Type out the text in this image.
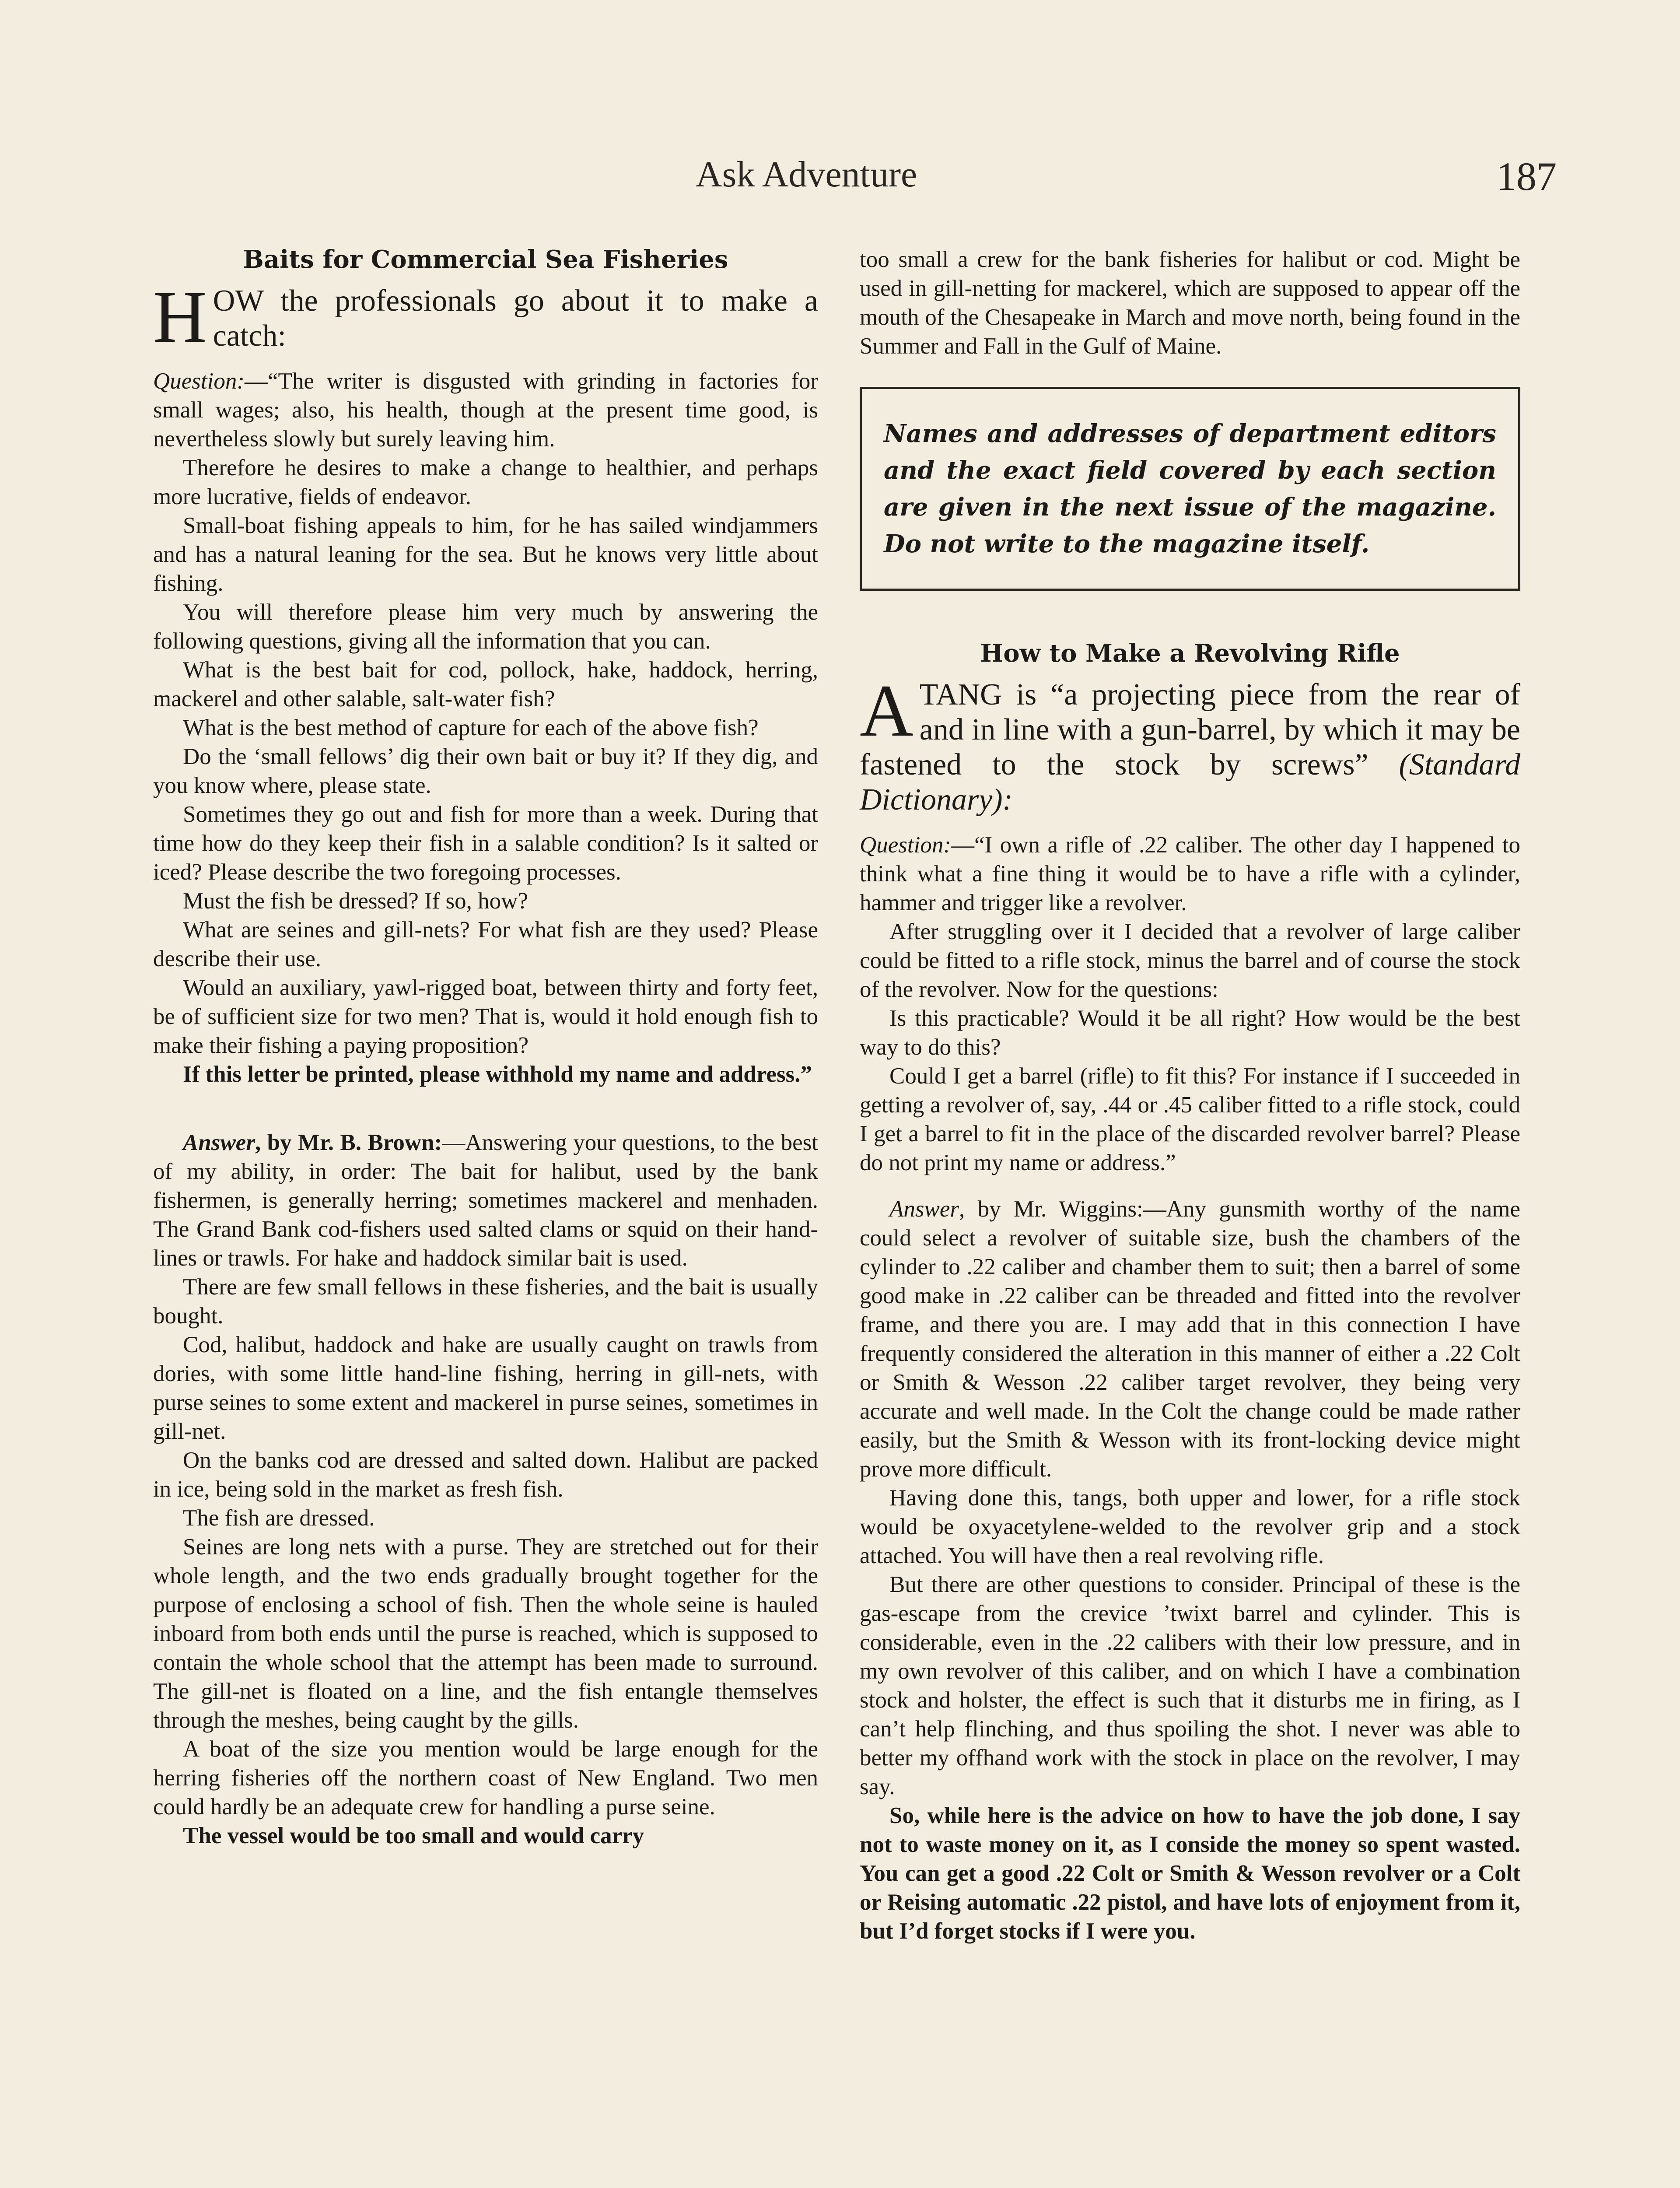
Ask Adventure	187
Baits for Commercial Sea Fisheries
HOW the professionals go about it to make a catch:

Question:—“The writer is disgusted with grinding in factories for small wages; also, his health, though at the present time good, is nevertheless slowly but surely leaving him.

Therefore he desires to make a change to healthier, and perhaps more lucrative, fields of endeavor.

Small-boat fishing appeals to him, for he has sailed windjammers and has a natural leaning for the sea. But he knows very little about fishing.

You will therefore please him very much by answering the following questions, giving all the information that you can.

What is the best bait for cod, pollock, hake, haddock, herring, mackerel and other salable, salt-water fish?

What is the best method of capture for each of the above fish?

Do the ‘small fellows’ dig their own bait or buy it? If they dig, and you know where, please state.

Sometimes they go out and fish for more than a week. During that time how do they keep their fish in a salable condition? Is it salted or iced? Please describe the two foregoing processes.

Must the fish be dressed? If so, how?

What are seines and gill-nets? For what fish are they used? Please describe their use.

Would an auxiliary, yawl-rigged boat, between thirty and forty feet, be of sufficient size for two men? That is, would it hold enough fish to make their fishing a paying proposition?

If this letter be printed, please withhold my name and address.”

Answer, by Mr. B. Brown:—Answering your questions, to the best of my ability, in order: The bait for halibut, used by the bank fishermen, is generally herring; sometimes mackerel and menhaden. The Grand Bank cod-fishers used salted clams or squid on their hand-lines or trawls. For hake and haddock similar bait is used.

There are few small fellows in these fisheries, and the bait is usually bought.

Cod, halibut, haddock and hake are usually caught on trawls from dories, with some little hand-line fishing, herring in gill-nets, with purse seines to some extent and mackerel in purse seines, sometimes in gill-net.

On the banks cod are dressed and salted down. Halibut are packed in ice, being sold in the market as fresh fish.

The fish are dressed.

Seines are long nets with a purse. They are stretched out for their whole length, and the two ends gradually brought together for the purpose of enclosing a school of fish. Then the whole seine is hauled inboard from both ends until the purse is reached, which is supposed to contain the whole school that the attempt has been made to surround. The gill-net is floated on a line, and the fish entangle themselves through the meshes, being caught by the gills.

A boat of the size you mention would be large enough for the herring fisheries off the northern coast of New England. Two men could hardly be an adequate crew for handling a purse seine.

The vessel would be too small and would carry

too small a crew for the bank fisheries for halibut or cod. Might be used in gill-netting for mackerel, which are supposed to appear off the mouth of the Chesapeake in March and move north, being found in the Summer and Fall in the Gulf of Maine.

Names and addresses of department editors and the exact field covered by each section are given in the next issue of the magazine. Do not write to the magazine itself.
How to Make a Revolving Rifle
ATANG is “a projecting piece from the rear of and in line with a gun-barrel, by which it may be fastened to the stock by screws” (Standard Dictionary):

Question:—“I own a rifle of .22 caliber. The other day I happened to think what a fine thing it would be to have a rifle with a cylinder, hammer and trigger like a revolver.

After struggling over it I decided that a revolver of large caliber could be fitted to a rifle stock, minus the barrel and of course the stock of the revolver. Now for the questions:

Is this practicable? Would it be all right? How would be the best way to do this?

Could I get a barrel (rifle) to fit this? For instance if I succeeded in getting a revolver of, say, .44 or .45 caliber fitted to a rifle stock, could I get a barrel to fit in the place of the discarded revolver barrel? Please do not print my name or address.”

Answer, by Mr. Wiggins:—Any gunsmith worthy of the name could select a revolver of suitable size, bush the chambers of the cylinder to .22 caliber and chamber them to suit; then a barrel of some good make in .22 caliber can be threaded and fitted into the revolver frame, and there you are. I may add that in this connection I have frequently considered the alteration in this manner of either a .22 Colt or Smith & Wesson .22 caliber target revolver, they being very accurate and well made. In the Colt the change could be made rather easily, but the Smith & Wesson with its front-locking device might prove more difficult.

Having done this, tangs, both upper and lower, for a rifle stock would be oxyacetylene-welded to the revolver grip and a stock attached. You will have then a real revolving rifle.

But there are other questions to consider. Principal of these is the gas-escape from the crevice ’twixt barrel and cylinder. This is considerable, even in the .22 calibers with their low pressure, and in my own revolver of this caliber, and on which I have a combination stock and holster, the effect is such that it disturbs me in firing, as I can’t help flinching, and thus spoiling the shot. I never was able to better my offhand work with the stock in place on the revolver, I may say.

So, while here is the advice on how to have the job done, I say not to waste money on it, as I conside the money so spent wasted. You can get a good .22 Colt or Smith & Wesson revolver or a Colt or Reising automatic .22 pistol, and have lots of enjoyment from it, but I’d forget stocks if I were you.
